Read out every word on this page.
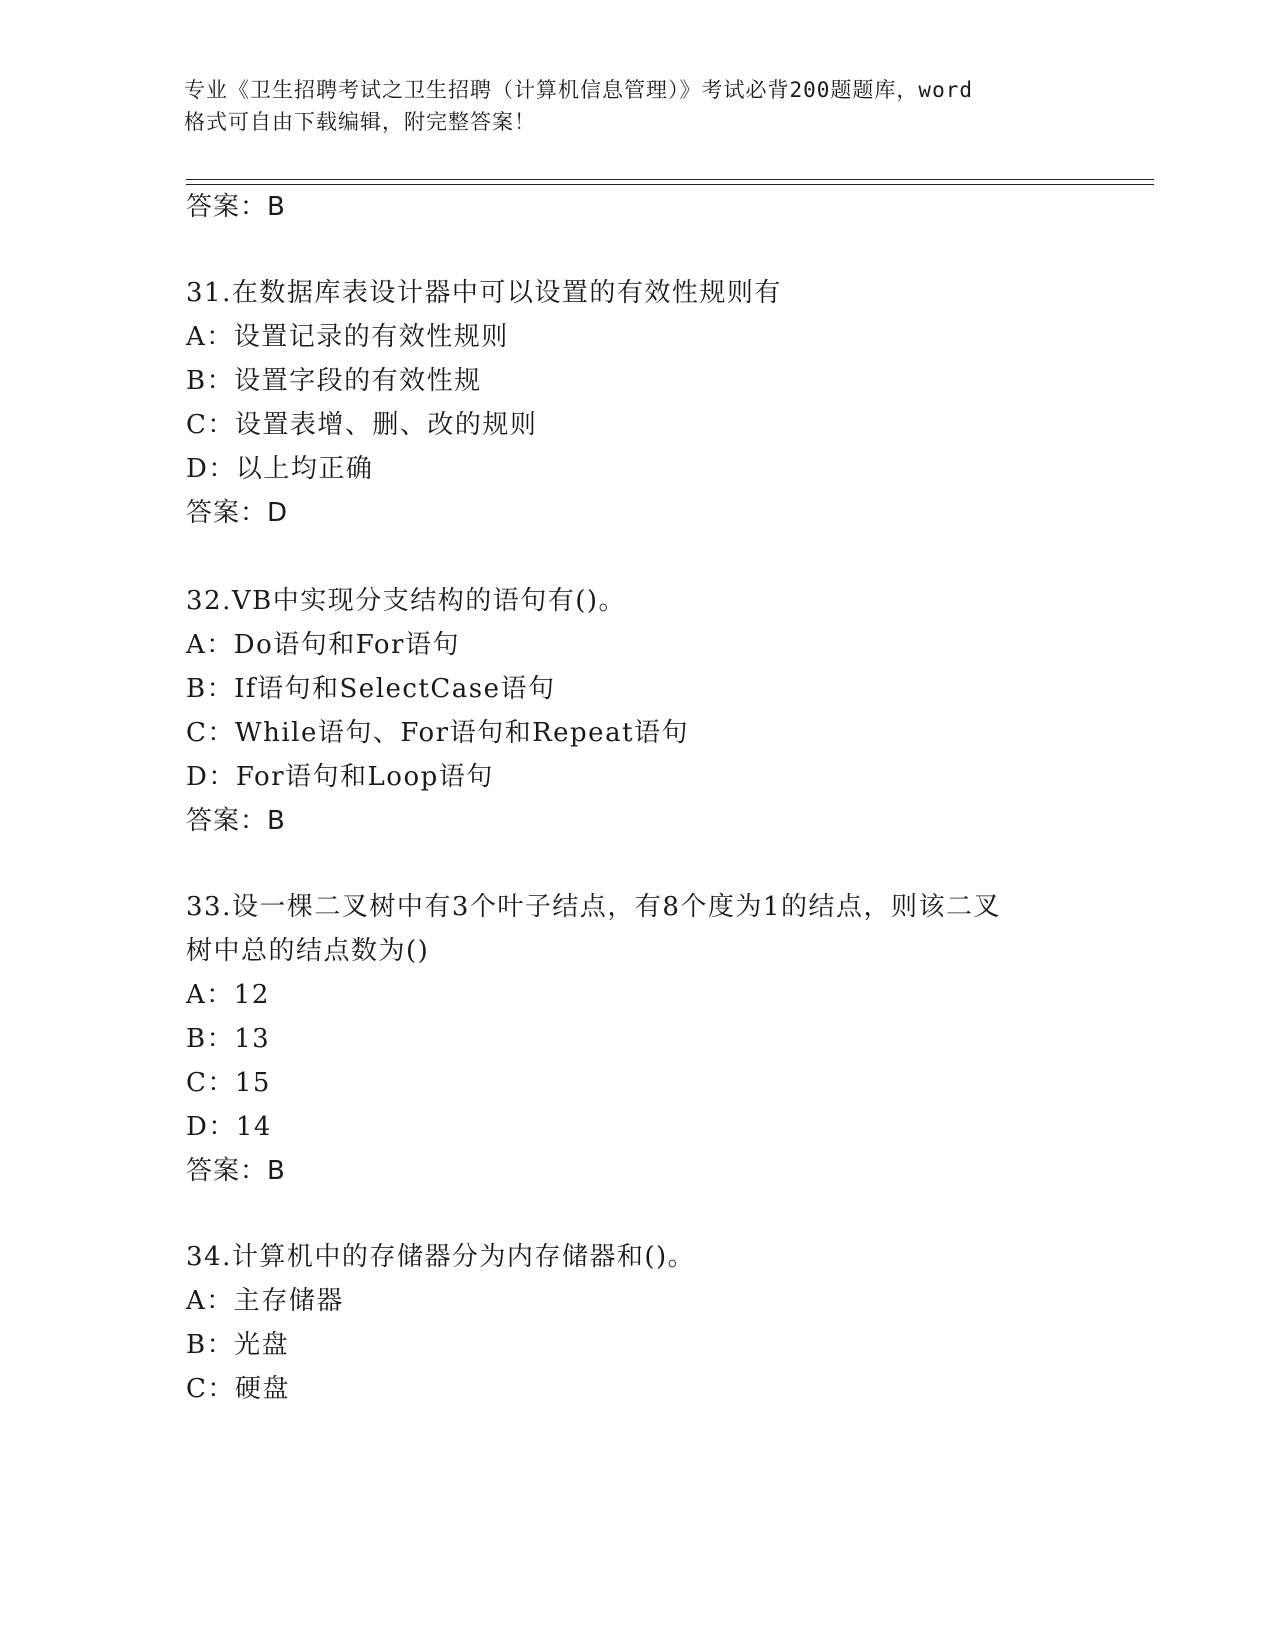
专业《卫生招聘考试之卫生招聘（计算机信息管理）》考试必背200题题库，word
格式可自由下载编辑，附完整答案！
答案：B
31.在数据库表设计器中可以设置的有效性规则有
A：设置记录的有效性规则
B：设置字段的有效性规
C：设置表增、删、改的规则
D：以上均正确
答案：D
32.VB中实现分支结构的语句有()。
A：Do语句和For语句
B：If语句和SelectCase语句
C：While语句、For语句和Repeat语句
D：For语句和Loop语句
答案：B
33.设一棵二叉树中有3个叶子结点，有8个度为1的结点，则该二叉
树中总的结点数为()
A：12
B：13
C：15
D：14
答案：B
34.计算机中的存储器分为内存储器和()。
A：主存储器
B：光盘
C：硬盘
